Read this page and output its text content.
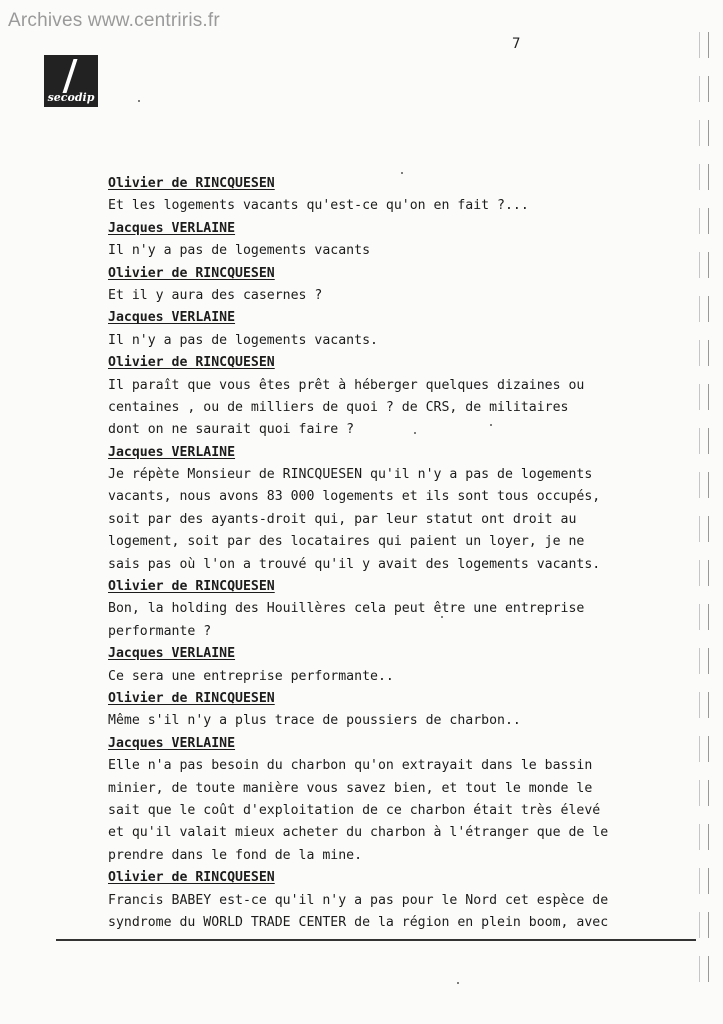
Archives www.centriris.fr
7
secodip
Olivier de RINCQUESEN
Et les logements vacants qu'est-ce qu'on en fait ?...
Jacques VERLAINE
Il n'y a pas de logements vacants
Olivier de RINCQUESEN
Et il y aura des casernes ?
Jacques VERLAINE
Il n'y a pas de logements vacants.
Olivier de RINCQUESEN
Il paraît que vous êtes prêt à héberger quelques dizaines ou
centaines , ou de milliers de quoi ? de CRS, de militaires
dont on ne saurait quoi faire ?
Jacques VERLAINE
Je répète Monsieur de RINCQUESEN qu'il n'y a pas de logements
vacants, nous avons 83 000 logements et ils sont tous occupés,
soit par des ayants-droit qui, par leur statut ont droit au
logement, soit par des locataires qui paient un loyer, je ne
sais pas où l'on a trouvé qu'il y avait des logements vacants.
Olivier de RINCQUESEN
Bon, la holding des Houillères cela peut être une entreprise
performante ?
Jacques VERLAINE
Ce sera une entreprise performante..
Olivier de RINCQUESEN
Même s'il n'y a plus trace de poussiers de charbon..
Jacques VERLAINE
Elle n'a pas besoin du charbon qu'on extrayait dans le bassin
minier, de toute manière vous savez bien, et tout le monde le
sait que le coût d'exploitation de ce charbon était très élevé
et qu'il valait mieux acheter du charbon à l'étranger que de le
prendre dans le fond de la mine.
Olivier de RINCQUESEN
Francis BABEY est-ce qu'il n'y a pas pour le Nord cet espèce de
syndrome du WORLD TRADE CENTER de la région en plein boom, avec
